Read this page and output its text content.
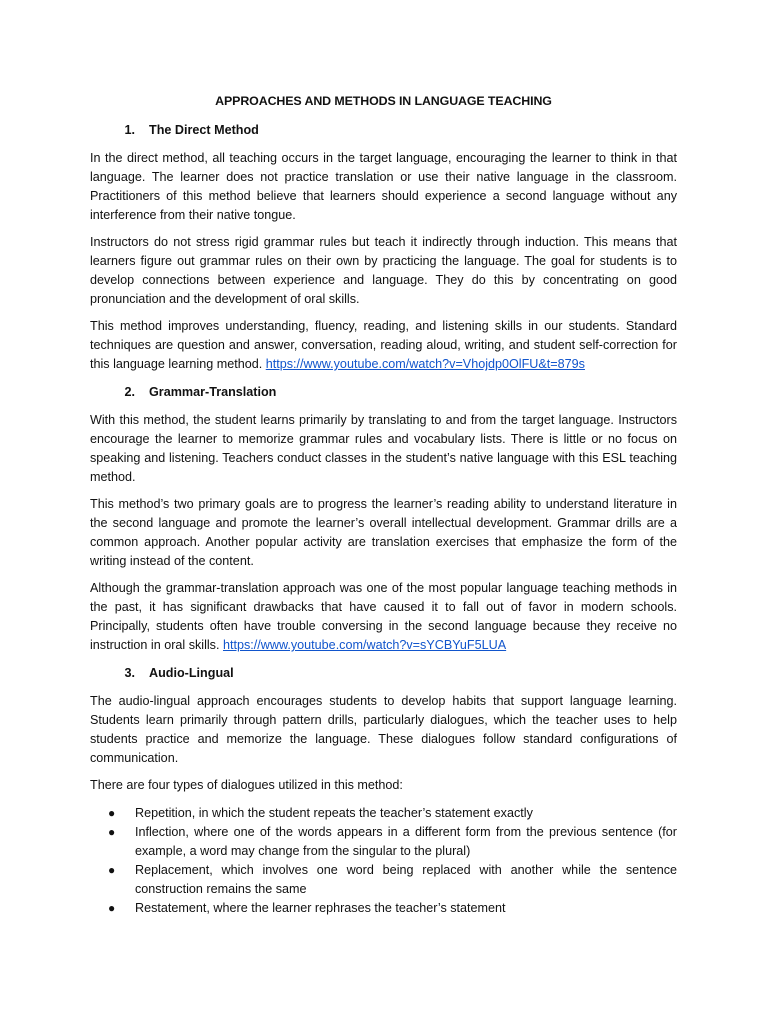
APPROACHES AND METHODS IN LANGUAGE TEACHING
1.	The Direct Method

In the direct method, all teaching occurs in the target language, encouraging the learner to think in that language. The learner does not practice translation or use their native language in the classroom. Practitioners of this method believe that learners should experience a second language without any interference from their native tongue.

Instructors do not stress rigid grammar rules but teach it indirectly through induction. This means that learners figure out grammar rules on their own by practicing the language. The goal for students is to develop connections between experience and language. They do this by concentrating on good pronunciation and the development of oral skills.

This method improves understanding, fluency, reading, and listening skills in our students. Standard techniques are question and answer, conversation, reading aloud, writing, and student self-correction for this language learning method. https://www.youtube.com/watch?v=Vhojdp0OlFU&t=879s

2.	Grammar-Translation

With this method, the student learns primarily by translating to and from the target language. Instructors encourage the learner to memorize grammar rules and vocabulary lists. There is little or no focus on speaking and listening. Teachers conduct classes in the student’s native language with this ESL teaching method.

This method’s two primary goals are to progress the learner’s reading ability to understand literature in the second language and promote the learner’s overall intellectual development. Grammar drills are a common approach. Another popular activity are translation exercises that emphasize the form of the writing instead of the content.

Although the grammar-translation approach was one of the most popular language teaching methods in the past, it has significant drawbacks that have caused it to fall out of favor in modern schools. Principally, students often have trouble conversing in the second language because they receive no instruction in oral skills. https://www.youtube.com/watch?v=sYCBYuF5LUA

3.	Audio-Lingual

The audio-lingual approach encourages students to develop habits that support language learning. Students learn primarily through pattern drills, particularly dialogues, which the teacher uses to help students practice and memorize the language. These dialogues follow standard configurations of communication.

There are four types of dialogues utilized in this method:

● Repetition, in which the student repeats the teacher’s statement exactly
● Inflection, where one of the words appears in a different form from the previous sentence (for example, a word may change from the singular to the plural)
● Replacement, which involves one word being replaced with another while the sentence construction remains the same
● Restatement, where the learner rephrases the teacher’s statement
